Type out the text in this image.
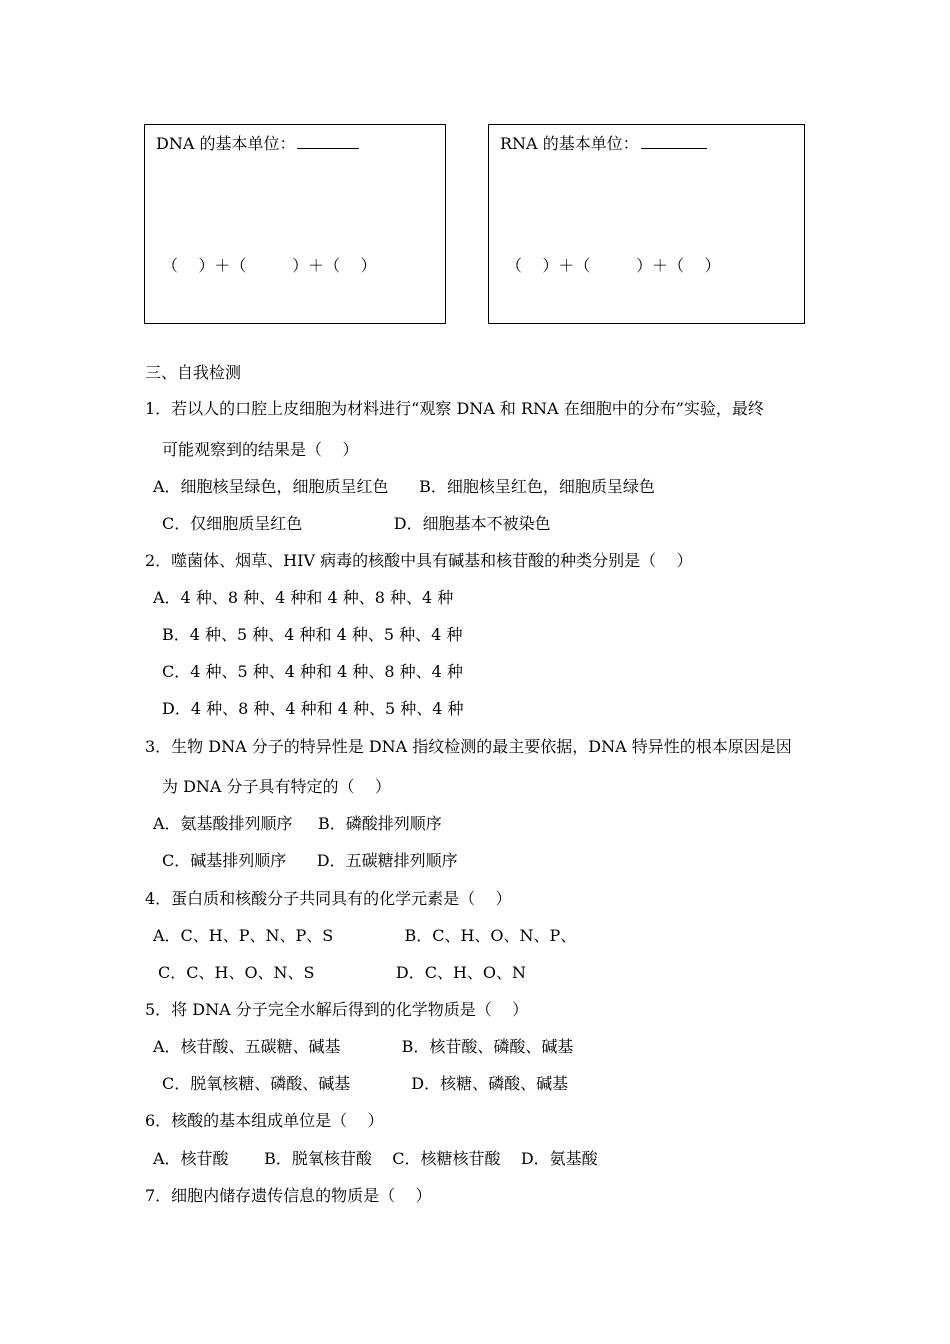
DNA 的基本单位：
（    ）＋（         ）＋（    ）
RNA 的基本单位：
（    ）＋（         ）＋（    ）
三、自我检测
1．若以人的口腔上皮细胞为材料进行“观察 DNA 和 RNA 在细胞中的分布”实验，最终
可能观察到的结果是（    ）
A．细胞核呈绿色，细胞质呈红色      B．细胞核呈红色，细胞质呈绿色
C．仅细胞质呈红色                  D．细胞基本不被染色
2．噬菌体、烟草、HIV 病毒的核酸中具有碱基和核苷酸的种类分别是（    ）
A．4 种、8 种、4 种和 4 种、8 种、4 种
B．4 种、5 种、4 种和 4 种、5 种、4 种
C．4 种、5 种、4 种和 4 种、8 种、4 种
D．4 种、8 种、4 种和 4 种、5 种、4 种
3．生物 DNA 分子的特异性是 DNA 指纹检测的最主要依据，DNA 特异性的根本原因是因
为 DNA 分子具有特定的（    ）
A．氨基酸排列顺序     B．磷酸排列顺序
C．碱基排列顺序      D．五碳糖排列顺序
4．蛋白质和核酸分子共同具有的化学元素是（    ）
A．C、H、P、N、P、S              B．C、H、O、N、P、
C．C、H、O、N、S                D．C、H、O、N
5．将 DNA 分子完全水解后得到的化学物质是（    ）
A．核苷酸、五碳糖、碱基            B．核苷酸、磷酸、碱基
C．脱氧核糖、磷酸、碱基            D．核糖、磷酸、碱基
6．核酸的基本组成单位是（    ）
A．核苷酸       B．脱氧核苷酸    C．核糖核苷酸    D．氨基酸
7．细胞内储存遗传信息的物质是（    ）
